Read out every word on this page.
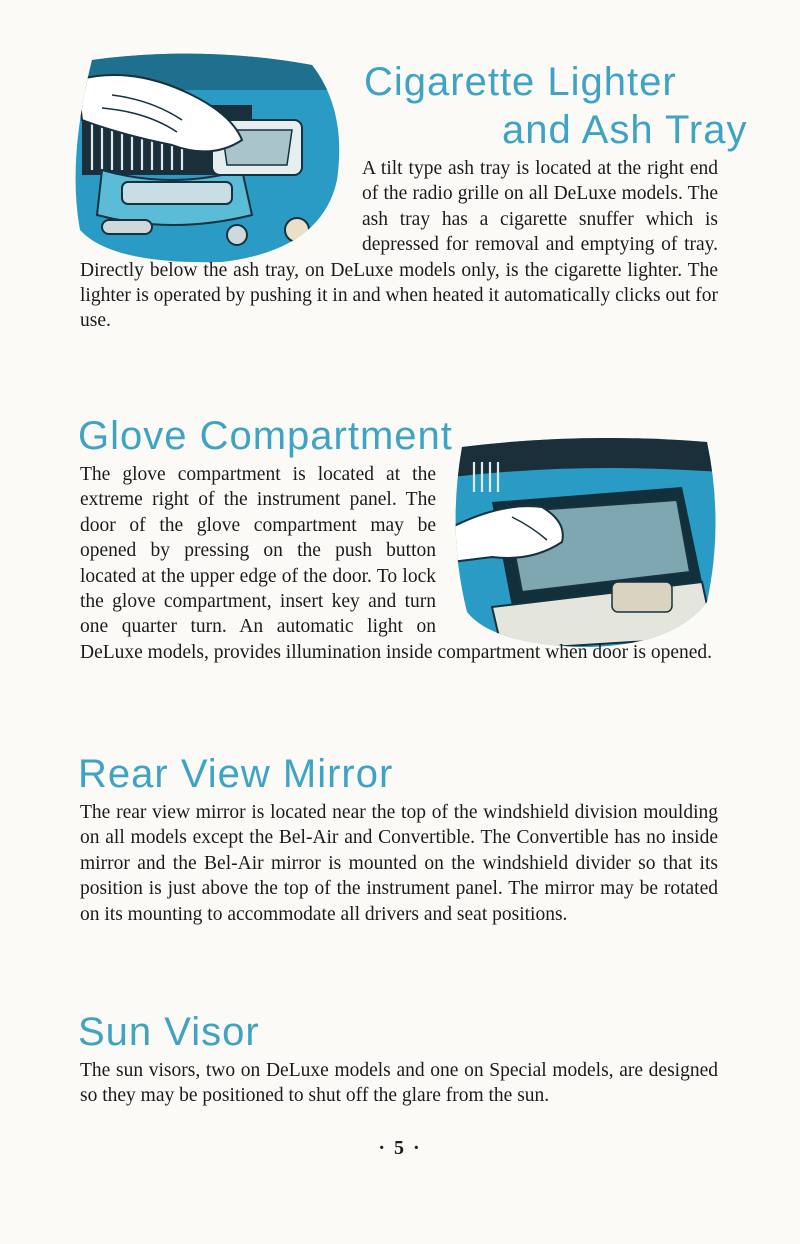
Cigarette Lighter
and Ash Tray

A tilt type ash tray is located at the right end of the radio grille on all DeLuxe models. The ash tray has a cigarette snuffer which is depressed for removal and emptying of tray. Directly below the ash tray, on DeLuxe models only, is the cigarette lighter. The lighter is operated by pushing it in and when heated it automatically clicks out for use.

Glove Compartment

The glove compartment is located at the extreme right of the instrument panel. The door of the glove compartment may be opened by pressing on the push button located at the upper edge of the door. To lock the glove compartment, insert key and turn one quarter turn. An automatic light on DeLuxe models, provides illumination inside compartment when door is opened.

Rear View Mirror

The rear view mirror is located near the top of the windshield division moulding on all models except the Bel-Air and Convertible. The Convertible has no inside mirror and the Bel-Air mirror is mounted on the windshield divider so that its position is just above the top of the instrument panel. The mirror may be rotated on its mounting to accommodate all drivers and seat positions.

Sun Visor

The sun visors, two on DeLuxe models and one on Special models, are designed so they may be positioned to shut off the glare from the sun.

· 5 ·
